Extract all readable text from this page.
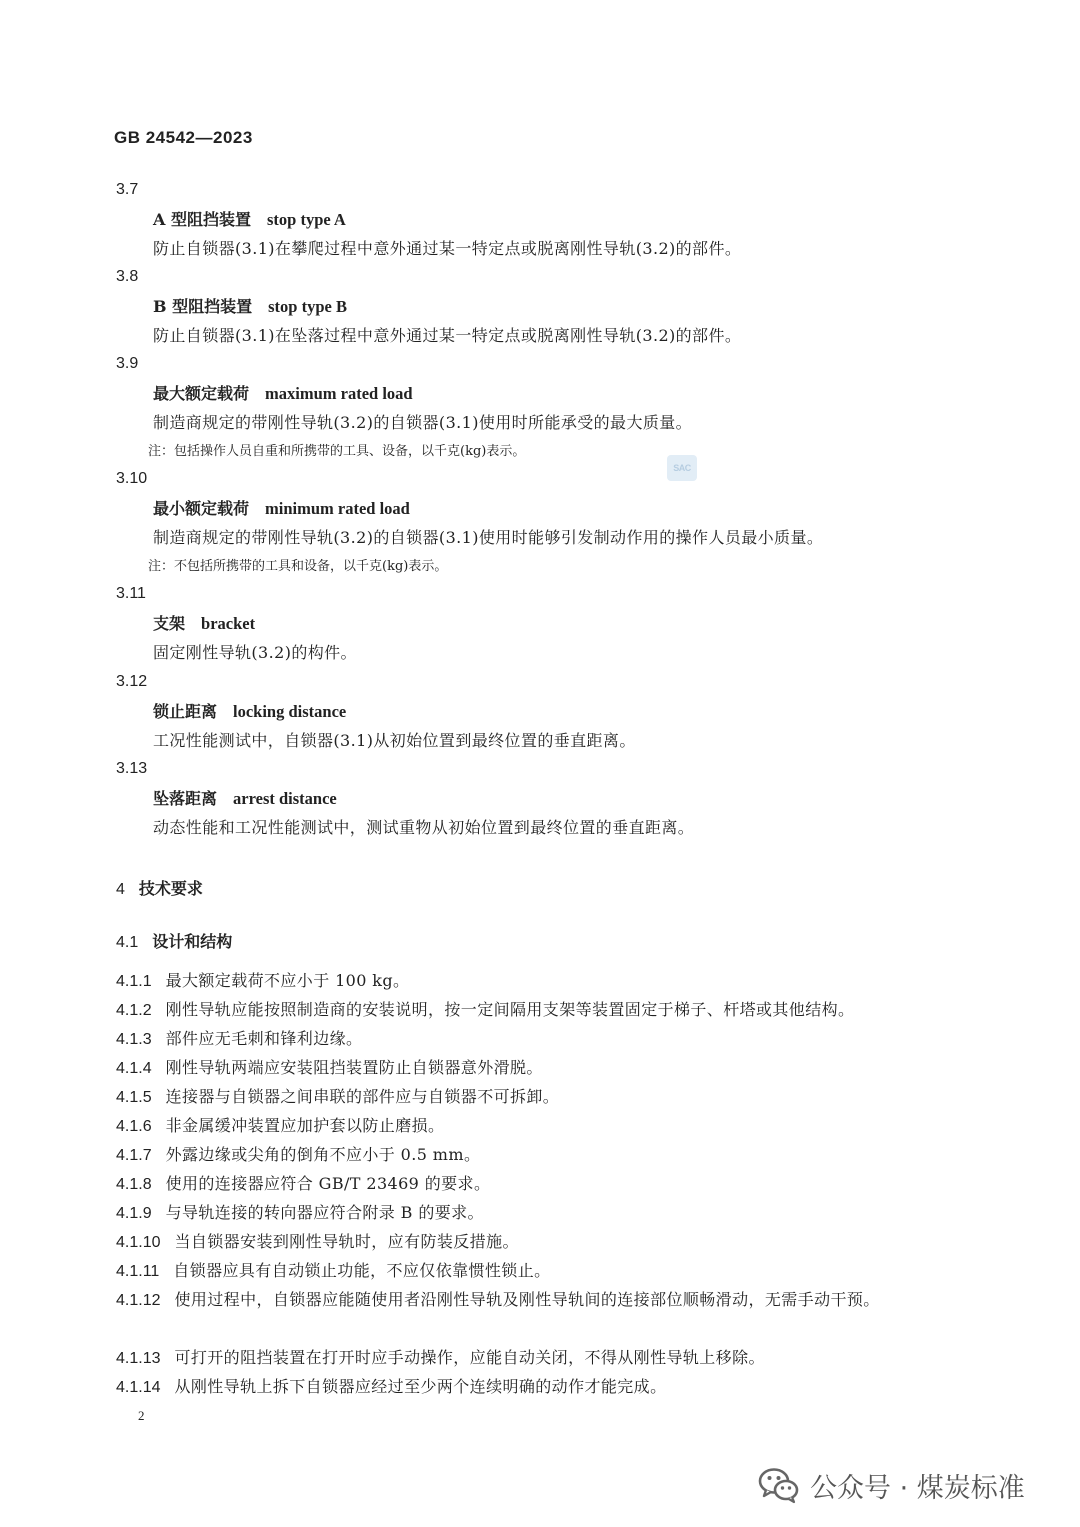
GB 24542—2023
3.7
A 型阻挡装置 stop type A
防止自锁器(3.1)在攀爬过程中意外通过某一特定点或脱离刚性导轨(3.2)的部件。
3.8
B 型阻挡装置 stop type B
防止自锁器(3.1)在坠落过程中意外通过某一特定点或脱离刚性导轨(3.2)的部件。
3.9
最大额定载荷 maximum rated load
制造商规定的带刚性导轨(3.2)的自锁器(3.1)使用时所能承受的最大质量。
注：包括操作人员自重和所携带的工具、设备，以千克(kg)表示。
SAC
3.10
最小额定载荷 minimum rated load
制造商规定的带刚性导轨(3.2)的自锁器(3.1)使用时能够引发制动作用的操作人员最小质量。
注：不包括所携带的工具和设备，以千克(kg)表示。
3.11
支架 bracket
固定刚性导轨(3.2)的构件。
3.12
锁止距离 locking distance
工况性能测试中，自锁器(3.1)从初始位置到最终位置的垂直距离。
3.13
坠落距离 arrest distance
动态性能和工况性能测试中，测试重物从初始位置到最终位置的垂直距离。
4 技术要求
4.1 设计和结构
4.1.1 最大额定载荷不应小于 100 kg。
4.1.2 刚性导轨应能按照制造商的安装说明，按一定间隔用支架等装置固定于梯子、杆塔或其他结构。
4.1.3 部件应无毛刺和锋利边缘。
4.1.4 刚性导轨两端应安装阻挡装置防止自锁器意外滑脱。
4.1.5 连接器与自锁器之间串联的部件应与自锁器不可拆卸。
4.1.6 非金属缓冲装置应加护套以防止磨损。
4.1.7 外露边缘或尖角的倒角不应小于 0.5 mm。
4.1.8 使用的连接器应符合 GB/T 23469 的要求。
4.1.9 与导轨连接的转向器应符合附录 B 的要求。
4.1.10 当自锁器安装到刚性导轨时，应有防装反措施。
4.1.11 自锁器应具有自动锁止功能，不应仅依靠惯性锁止。
4.1.12 使用过程中，自锁器应能随使用者沿刚性导轨及刚性导轨间的连接部位顺畅滑动，无需手动干预。
4.1.13 可打开的阻挡装置在打开时应手动操作，应能自动关闭，不得从刚性导轨上移除。
4.1.14 从刚性导轨上拆下自锁器应经过至少两个连续明确的动作才能完成。
2
公众号 · 煤炭标准
